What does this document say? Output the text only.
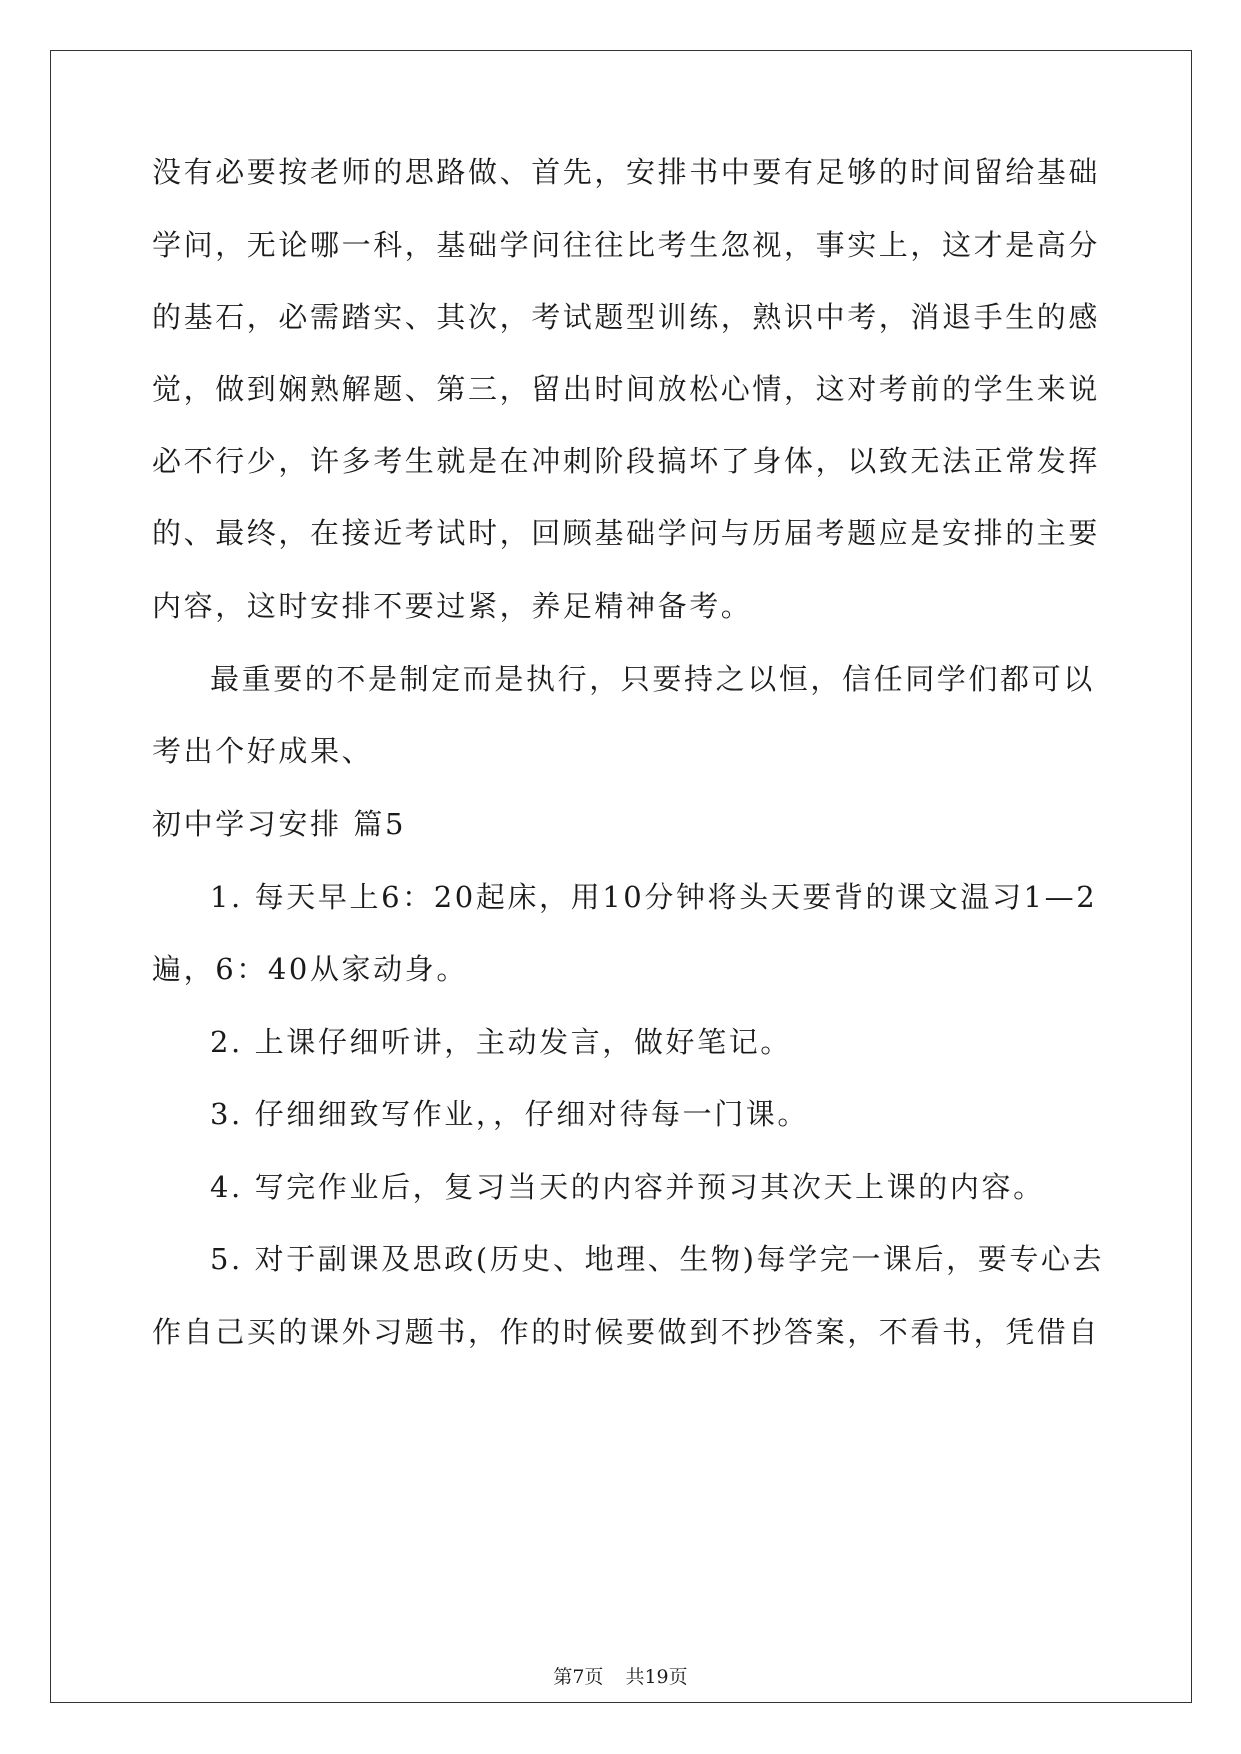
没有必要按老师的思路做、首先，安排书中要有足够的时间留给基础
学问，无论哪一科，基础学问往往比考生忽视，事实上，这才是高分
的基石，必需踏实、其次，考试题型训练，熟识中考，消退手生的感
觉，做到娴熟解题、第三，留出时间放松心情，这对考前的学生来说
必不行少，许多考生就是在冲刺阶段搞坏了身体，以致无法正常发挥
的、最终，在接近考试时，回顾基础学问与历届考题应是安排的主要
内容，这时安排不要过紧，养足精神备考。
最重要的不是制定而是执行，只要持之以恒，信任同学们都可以
考出个好成果、
初中学习安排 篇5
1. 每天早上6：20起床，用10分钟将头天要背的课文温习1—2
遍，6：40从家动身。
2. 上课仔细听讲，主动发言，做好笔记。
3. 仔细细致写作业，，仔细对待每一门课。
4. 写完作业后，复习当天的内容并预习其次天上课的内容。
5. 对于副课及思政(历史、地理、生物)每学完一课后，要专心去
作自己买的课外习题书，作的时候要做到不抄答案，不看书，凭借自
第7页 共19页
